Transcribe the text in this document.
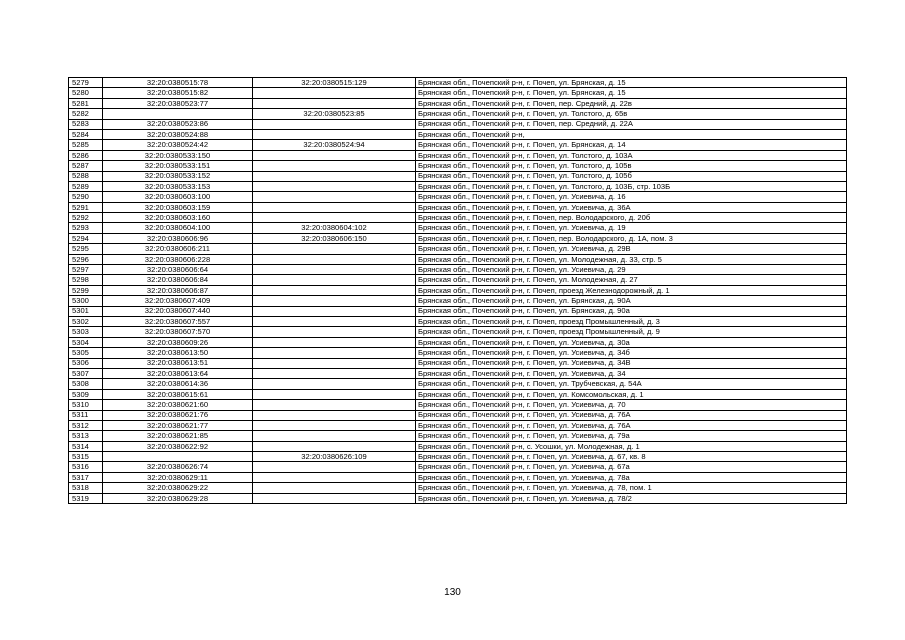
5279	32:20:0380515:78	32:20:0380515:129	Брянская обл., Почепский р-н, г. Почеп, ул. Брянская, д. 15
5280	32:20:0380515:82		Брянская обл., Почепский р-н, г. Почеп, ул. Брянская, д. 15
5281	32:20:0380523:77		Брянская обл., Почепский р-н, г. Почеп, пер. Средний, д. 22в
5282		32:20:0380523:85	Брянская обл., Почепский р-н, г. Почеп, ул. Толстого, д. 65в
5283	32:20:0380523:86		Брянская обл., Почепский р-н, г. Почеп, пер. Средний, д. 22А
5284	32:20:0380524:88		Брянская обл., Почепский р-н,
5285	32:20:0380524:42	32:20:0380524:94	Брянская обл., Почепский р-н, г. Почеп, ул. Брянская, д. 14
5286	32:20:0380533:150		Брянская обл., Почепский р-н, г. Почеп, ул. Толстого, д. 103А
5287	32:20:0380533:151		Брянская обл., Почепский р-н, г. Почеп, ул. Толстого, д. 105в
5288	32:20:0380533:152		Брянская обл., Почепский р-н, г. Почеп, ул. Толстого, д. 105б
5289	32:20:0380533:153		Брянская обл., Почепский р-н, г. Почеп, ул. Толстого, д. 103Б, стр. 103Б
5290	32:20:0380603:100		Брянская обл., Почепский р-н, г. Почеп, ул. Усиевича, д. 16
5291	32:20:0380603:159		Брянская обл., Почепский р-н, г. Почеп, ул. Усиевича, д. 36А
5292	32:20:0380603:160		Брянская обл., Почепский р-н, г. Почеп, пер. Володарского, д. 20б
5293	32:20:0380604:100	32:20:0380604:102	Брянская обл., Почепский р-н, г. Почеп, ул. Усиевича, д. 19
5294	32:20:0380606:96	32:20:0380606:150	Брянская обл., Почепский р-н, г. Почеп, пер. Володарского, д. 1А, пом. 3
5295	32:20:0380606:211		Брянская обл., Почепский р-н, г. Почеп, ул. Усиевича, д. 29В
5296	32:20:0380606:228		Брянская обл., Почепский р-н, г. Почеп, ул. Молодежная, д. 33, стр. 5
5297	32:20:0380606:64		Брянская обл., Почепский р-н, г. Почеп, ул. Усиевича, д. 29
5298	32:20:0380606:84		Брянская обл., Почепский р-н, г. Почеп, ул. Молодежная, д. 27
5299	32:20:0380606:87		Брянская обл., Почепский р-н, г. Почеп, проезд Железнодорожный, д. 1
5300	32:20:0380607:409		Брянская обл., Почепский р-н, г. Почеп, ул. Брянская, д. 90А
5301	32:20:0380607:440		Брянская обл., Почепский р-н, г. Почеп, ул. Брянская, д. 90а
5302	32:20:0380607:557		Брянская обл., Почепский р-н, г. Почеп, проезд Промышленный, д. 3
5303	32:20:0380607:570		Брянская обл., Почепский р-н, г. Почеп, проезд Промышленный, д. 9
5304	32:20:0380609:26		Брянская обл., Почепский р-н, г. Почеп, ул. Усиевича, д. 30а
5305	32:20:0380613:50		Брянская обл., Почепский р-н, г. Почеп, ул. Усиевича, д. 34б
5306	32:20:0380613:51		Брянская обл., Почепский р-н, г. Почеп, ул. Усиевича, д. 34В
5307	32:20:0380613:64		Брянская обл., Почепский р-н, г. Почеп, ул. Усиевича, д. 34
5308	32:20:0380614:36		Брянская обл., Почепский р-н, г. Почеп, ул. Трубчевская, д. 54А
5309	32:20:0380615:61		Брянская обл., Почепский р-н, г. Почеп, ул. Комсомольская, д. 1
5310	32:20:0380621:60		Брянская обл., Почепский р-н, г. Почеп, ул. Усиевича, д. 70
5311	32:20:0380621:76		Брянская обл., Почепский р-н, г. Почеп, ул. Усиевича, д. 76А
5312	32:20:0380621:77		Брянская обл., Почепский р-н, г. Почеп, ул. Усиевича, д. 76А
5313	32:20:0380621:85		Брянская обл., Почепский р-н, г. Почеп, ул. Усиевича, д. 79а
5314	32:20:0380622:92		Брянская обл., Почепский р-н, с. Усошки, ул. Молодежная, д. 1
5315		32:20:0380626:109	Брянская обл., Почепский р-н, г. Почеп, ул. Усиевича, д. 67, кв. 8
5316	32:20:0380626:74		Брянская обл., Почепский р-н, г. Почеп, ул. Усиевича, д. 67а
5317	32:20:0380629:11		Брянская обл., Почепский р-н, г. Почеп, ул. Усиевича, д. 78а
5318	32:20:0380629:22		Брянская обл., Почепский р-н, г. Почеп, ул. Усиевича, д. 78, пом. 1
5319	32:20:0380629:28		Брянская обл., Почепский р-н, г. Почеп, ул. Усиевича, д. 78/2
130
